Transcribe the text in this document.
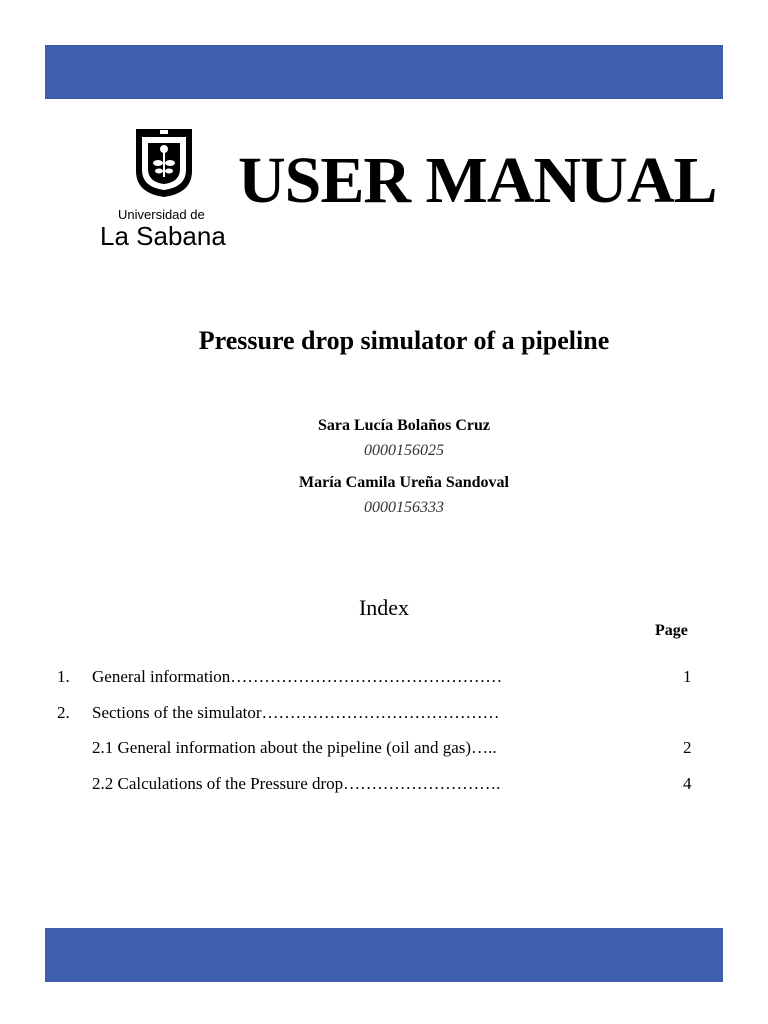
Universidad de
La Sabana
USER MANUAL
Pressure drop simulator of a pipeline
Sara Lucía Bolaños Cruz
0000156025
María Camila Ureña Sandoval
0000156333
Index
Page
1. General information…………………………………………	1
2. Sections of the simulator……………………………………
2.1 General information about the pipeline (oil and gas)…..	2
2.2 Calculations of the Pressure drop……………………….	4
